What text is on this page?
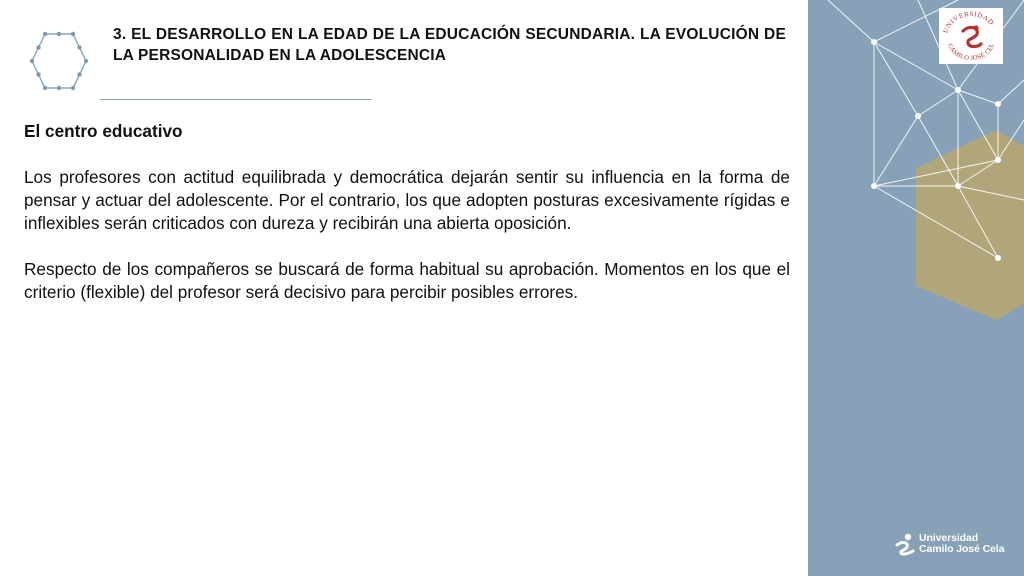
3. EL DESARROLLO EN LA EDAD DE LA EDUCACIÓN SECUNDARIA. LA EVOLUCIÓN DE LA PERSONALIDAD EN LA ADOLESCENCIA

El centro educativo

Los profesores con actitud equilibrada y democrática dejarán sentir su influencia en la forma de pensar y actuar del adolescente. Por el contrario, los que adopten posturas excesivamente rígidas e inflexibles serán criticados con dureza y recibirán una abierta oposición.

Respecto de los compañeros se buscará de forma habitual su aprobación. Momentos en los que el criterio (flexible) del profesor será decisivo para percibir posibles errores.

UNIVERSIDAD
CAMILO JOSÉ CEL
Universidad
Camilo José Cela
